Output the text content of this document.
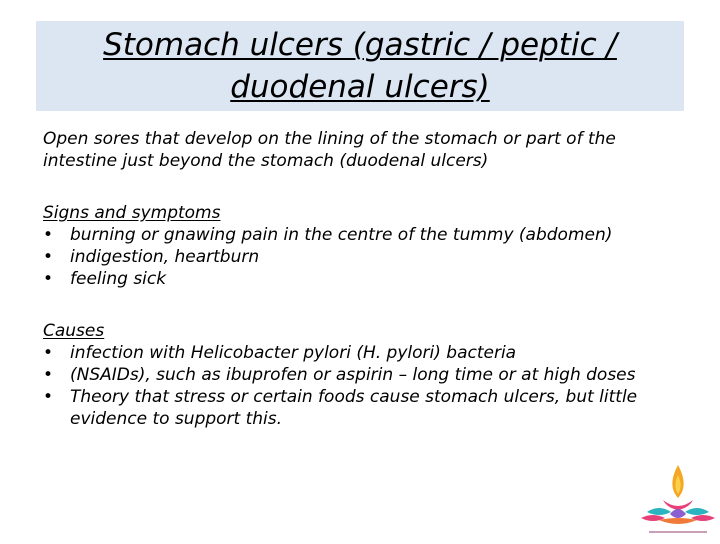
Stomach ulcers (gastric / peptic / duodenal ulcers)

Open sores that develop on the lining of the stomach or part of the intestine just beyond the stomach (duodenal ulcers)

Signs and symptoms

• burning or gnawing pain in the centre of the tummy (abdomen)
• indigestion, heartburn
• feeling sick

Causes

• infection with Helicobacter pylori (H. pylori) bacteria
• (NSAIDs), such as ibuprofen or aspirin – long time or at high doses
• Theory that stress or certain foods cause stomach ulcers, but little evidence to support this.
